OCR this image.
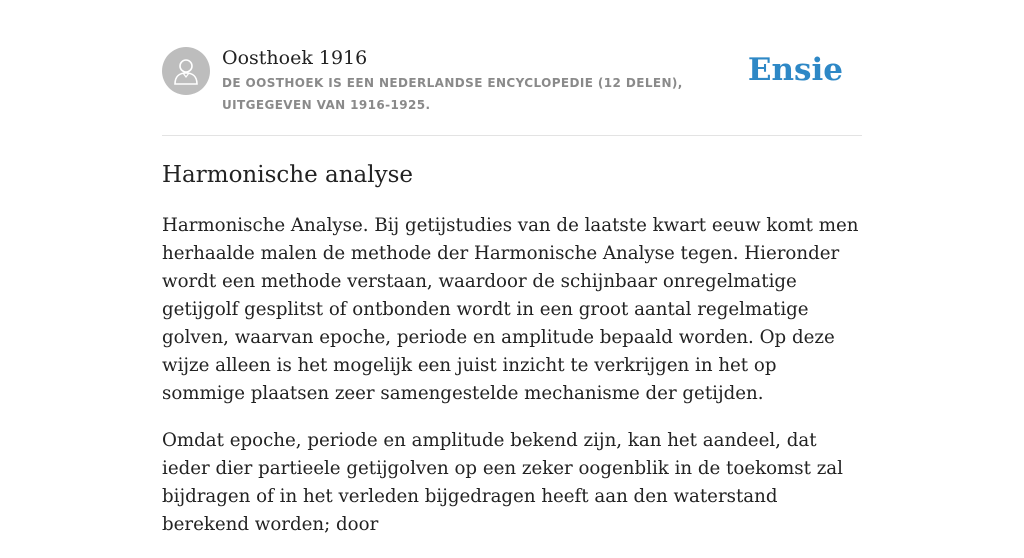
Oosthoek 1916
DE OOSTHOEK IS EEN NEDERLANDSE ENCYCLOPEDIE (12 DELEN), UITGEGEVEN VAN 1916-1925.
Ensie
Harmonische analyse

Harmonische Analyse. Bij getijstudies van de laatste kwart eeuw komt men herhaalde malen de methode der Harmonische Analyse tegen. Hieronder wordt een methode verstaan, waardoor de schijnbaar onregelmatige getijgolf gesplitst of ontbonden wordt in een groot aantal regelmatige golven, waarvan epoche, periode en amplitude bepaald worden. Op deze wijze alleen is het mogelijk een juist inzicht te verkrijgen in het op sommige plaatsen zeer samengestelde mechanisme der getijden.

Omdat epoche, periode en amplitude bekend zijn, kan het aandeel, dat ieder dier partieele getijgolven op een zeker oogenblik in de toekomst zal bijdragen of in het verleden bijgedragen heeft aan den waterstand berekend worden; door
